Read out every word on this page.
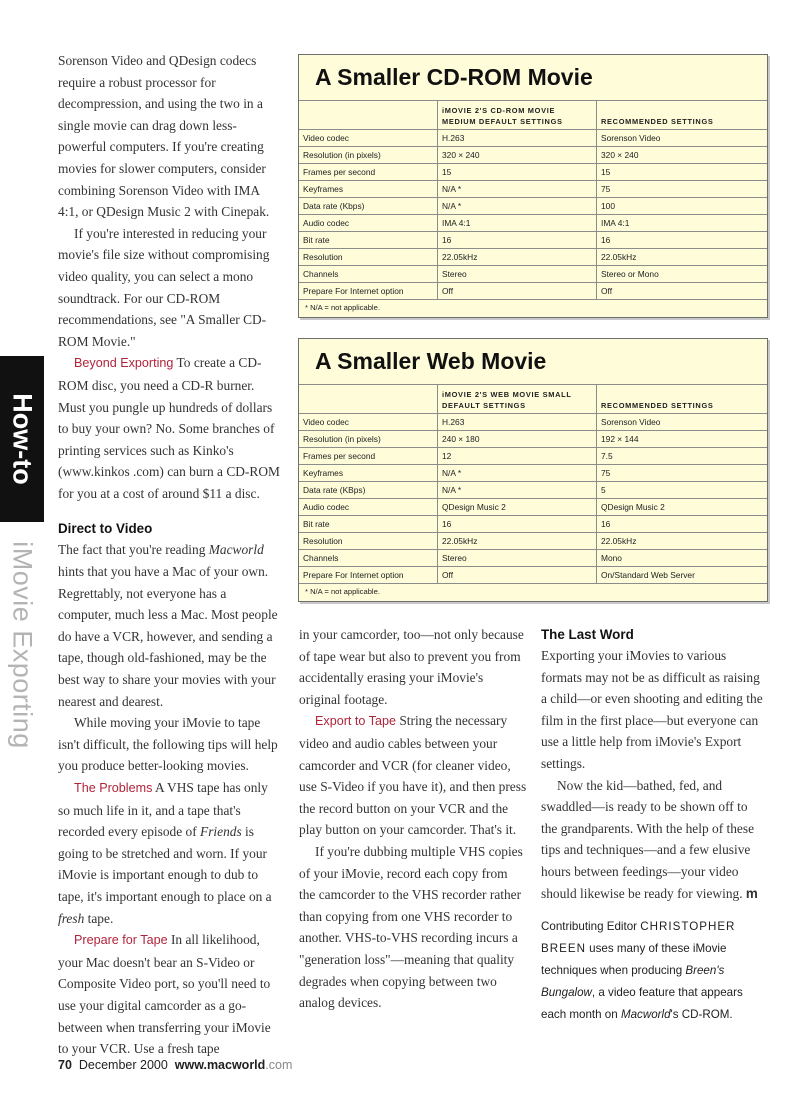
How-to
iMovie Exporting

Sorenson Video and QDesign codecs require a robust processor for decompression, and using the two in a single movie can drag down less-powerful computers. If you're creating movies for slower computers, consider combining Sorenson Video with IMA 4:1, or QDesign Music 2 with Cinepak.

If you're interested in reducing your movie's file size without compromising video quality, you can select a mono soundtrack. For our CD-ROM recommendations, see "A Smaller CD-ROM Movie."

Beyond Exporting To create a CD-ROM disc, you need a CD-R burner. Must you pungle up hundreds of dollars to buy your own? No. Some branches of printing services such as Kinko's (www.kinkos .com) can burn a CD-ROM for you at a cost of around $11 a disc.

Direct to Video

The fact that you're reading Macworld hints that you have a Mac of your own. Regrettably, not everyone has a computer, much less a Mac. Most people do have a VCR, however, and sending a tape, though old-fashioned, may be the best way to share your movies with your nearest and dearest.

While moving your iMovie to tape isn't difficult, the following tips will help you produce better-looking movies.

The Problems A VHS tape has only so much life in it, and a tape that's recorded every episode of Friends is going to be stretched and worn. If your iMovie is important enough to dub to tape, it's important enough to place on a fresh tape.

Prepare for Tape In all likelihood, your Mac doesn't bear an S-Video or Composite Video port, so you'll need to use your digital camcorder as a go-between when transferring your iMovie to your VCR. Use a fresh tape

A Smaller CD-ROM Movie
	iMOVIE 2'S CD-ROM MOVIE MEDIUM DEFAULT SETTINGS	RECOMMENDED SETTINGS
Video codec	H.263	Sorenson Video
Resolution (in pixels)	320 × 240	320 × 240
Frames per second	15	15
Keyframes	N/A *	75
Data rate (Kbps)	N/A *	100
Audio codec	IMA 4:1	IMA 4:1
Bit rate	16	16
Resolution	22.05kHz	22.05kHz
Channels	Stereo	Stereo or Mono
Prepare For Internet option	Off	Off
* N/A = not applicable.
A Smaller Web Movie
	iMOVIE 2'S WEB MOVIE SMALL DEFAULT SETTINGS	RECOMMENDED SETTINGS
Video codec	H.263	Sorenson Video
Resolution (in pixels)	240 × 180	192 × 144
Frames per second	12	7.5
Keyframes	N/A *	75
Data rate (KBps)	N/A *	5
Audio codec	QDesign Music 2	QDesign Music 2
Bit rate	16	16
Resolution	22.05kHz	22.05kHz
Channels	Stereo	Mono
Prepare For Internet option	Off	On/Standard Web Server
* N/A = not applicable.

in your camcorder, too—not only because of tape wear but also to prevent you from accidentally erasing your iMovie's original footage.

Export to Tape String the necessary video and audio cables between your camcorder and VCR (for cleaner video, use S-Video if you have it), and then press the record button on your VCR and the play button on your camcorder. That's it.

If you're dubbing multiple VHS copies of your iMovie, record each copy from the camcorder to the VHS recorder rather than copying from one VHS recorder to another. VHS-to-VHS recording incurs a "generation loss"—meaning that quality degrades when copying between two analog devices.

The Last Word

Exporting your iMovies to various formats may not be as difficult as raising a child—or even shooting and editing the film in the first place—but everyone can use a little help from iMovie's Export settings.

Now the kid—bathed, fed, and swaddled—is ready to be shown off to the grandparents. With the help of these tips and techniques—and a few elusive hours between feedings—your video should likewise be ready for viewing. m

Contributing Editor CHRISTOPHER BREEN uses many of these iMovie techniques when producing Breen's Bungalow, a video feature that appears each month on Macworld's CD-ROM.

70 December 2000 www.macworld.com
